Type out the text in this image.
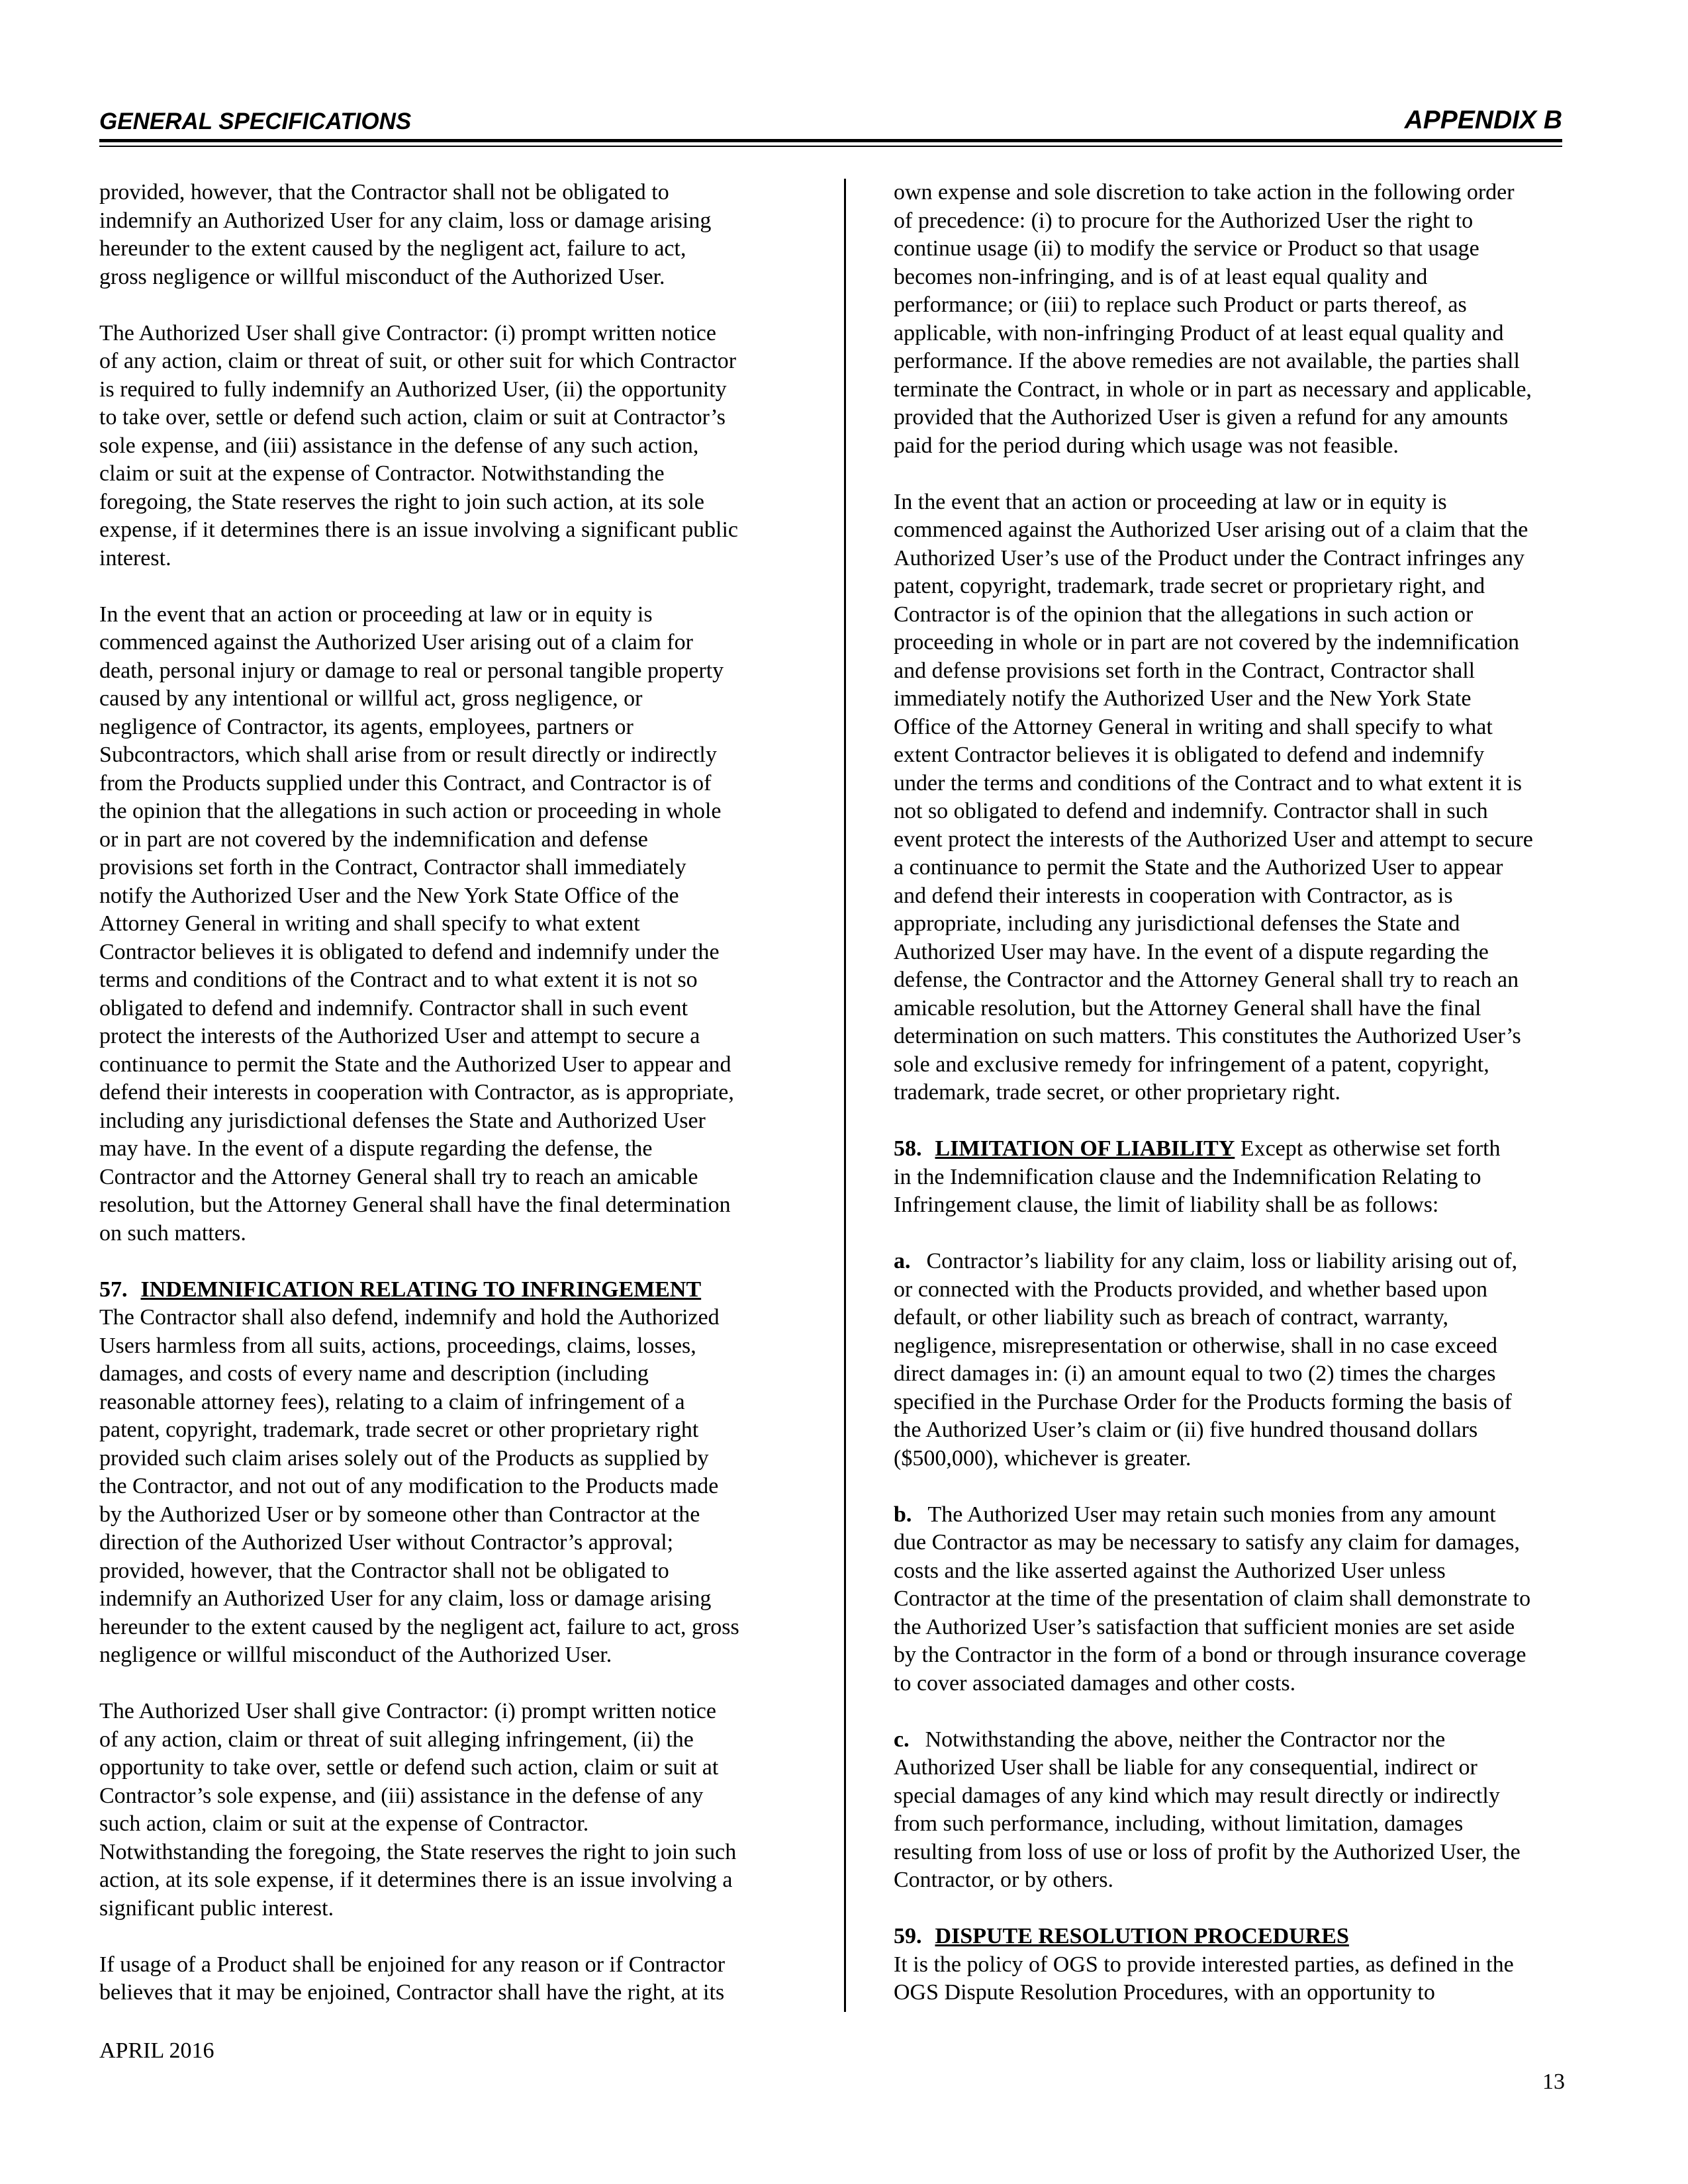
GENERAL SPECIFICATIONS	APPENDIX B

provided, however, that the Contractor shall not be obligated to
indemnify an Authorized User for any claim, loss or damage arising
hereunder to the extent caused by the negligent act, failure to act,
gross negligence or willful misconduct of the Authorized User.

The Authorized User shall give Contractor: (i) prompt written notice
of any action, claim or threat of suit, or other suit for which Contractor
is required to fully indemnify an Authorized User, (ii) the opportunity
to take over, settle or defend such action, claim or suit at Contractor’s
sole expense, and (iii) assistance in the defense of any such action,
claim or suit at the expense of Contractor. Notwithstanding the
foregoing, the State reserves the right to join such action, at its sole
expense, if it determines there is an issue involving a significant public
interest.

In the event that an action or proceeding at law or in equity is
commenced against the Authorized User arising out of a claim for
death, personal injury or damage to real or personal tangible property
caused by any intentional or willful act, gross negligence, or
negligence of Contractor, its agents, employees, partners or
Subcontractors, which shall arise from or result directly or indirectly
from the Products supplied under this Contract, and Contractor is of
the opinion that the allegations in such action or proceeding in whole
or in part are not covered by the indemnification and defense
provisions set forth in the Contract, Contractor shall immediately
notify the Authorized User and the New York State Office of the
Attorney General in writing and shall specify to what extent
Contractor believes it is obligated to defend and indemnify under the
terms and conditions of the Contract and to what extent it is not so
obligated to defend and indemnify. Contractor shall in such event
protect the interests of the Authorized User and attempt to secure a
continuance to permit the State and the Authorized User to appear and
defend their interests in cooperation with Contractor, as is appropriate,
including any jurisdictional defenses the State and Authorized User
may have. In the event of a dispute regarding the defense, the
Contractor and the Attorney General shall try to reach an amicable
resolution, but the Attorney General shall have the final determination
on such matters.

57. INDEMNIFICATION RELATING TO INFRINGEMENT

The Contractor shall also defend, indemnify and hold the Authorized
Users harmless from all suits, actions, proceedings, claims, losses,
damages, and costs of every name and description (including
reasonable attorney fees), relating to a claim of infringement of a
patent, copyright, trademark, trade secret or other proprietary right
provided such claim arises solely out of the Products as supplied by
the Contractor, and not out of any modification to the Products made
by the Authorized User or by someone other than Contractor at the
direction of the Authorized User without Contractor’s approval;
provided, however, that the Contractor shall not be obligated to
indemnify an Authorized User for any claim, loss or damage arising
hereunder to the extent caused by the negligent act, failure to act, gross
negligence or willful misconduct of the Authorized User.

The Authorized User shall give Contractor: (i) prompt written notice
of any action, claim or threat of suit alleging infringement, (ii) the
opportunity to take over, settle or defend such action, claim or suit at
Contractor’s sole expense, and (iii) assistance in the defense of any
such action, claim or suit at the expense of Contractor.
Notwithstanding the foregoing, the State reserves the right to join such
action, at its sole expense, if it determines there is an issue involving a
significant public interest.

If usage of a Product shall be enjoined for any reason or if Contractor
believes that it may be enjoined, Contractor shall have the right, at its

own expense and sole discretion to take action in the following order
of precedence: (i) to procure for the Authorized User the right to
continue usage (ii) to modify the service or Product so that usage
becomes non-infringing, and is of at least equal quality and
performance; or (iii) to replace such Product or parts thereof, as
applicable, with non-infringing Product of at least equal quality and
performance. If the above remedies are not available, the parties shall
terminate the Contract, in whole or in part as necessary and applicable,
provided that the Authorized User is given a refund for any amounts
paid for the period during which usage was not feasible.

In the event that an action or proceeding at law or in equity is
commenced against the Authorized User arising out of a claim that the
Authorized User’s use of the Product under the Contract infringes any
patent, copyright, trademark, trade secret or proprietary right, and
Contractor is of the opinion that the allegations in such action or
proceeding in whole or in part are not covered by the indemnification
and defense provisions set forth in the Contract, Contractor shall
immediately notify the Authorized User and the New York State
Office of the Attorney General in writing and shall specify to what
extent Contractor believes it is obligated to defend and indemnify
under the terms and conditions of the Contract and to what extent it is
not so obligated to defend and indemnify. Contractor shall in such
event protect the interests of the Authorized User and attempt to secure
a continuance to permit the State and the Authorized User to appear
and defend their interests in cooperation with Contractor, as is
appropriate, including any jurisdictional defenses the State and
Authorized User may have. In the event of a dispute regarding the
defense, the Contractor and the Attorney General shall try to reach an
amicable resolution, but the Attorney General shall have the final
determination on such matters. This constitutes the Authorized User’s
sole and exclusive remedy for infringement of a patent, copyright,
trademark, trade secret, or other proprietary right.

58. LIMITATION OF LIABILITY Except as otherwise set forth
in the Indemnification clause and the Indemnification Relating to
Infringement clause, the limit of liability shall be as follows:

a. Contractor’s liability for any claim, loss or liability arising out of,
or connected with the Products provided, and whether based upon
default, or other liability such as breach of contract, warranty,
negligence, misrepresentation or otherwise, shall in no case exceed
direct damages in: (i) an amount equal to two (2) times the charges
specified in the Purchase Order for the Products forming the basis of
the Authorized User’s claim or (ii) five hundred thousand dollars
($500,000), whichever is greater.

b. The Authorized User may retain such monies from any amount
due Contractor as may be necessary to satisfy any claim for damages,
costs and the like asserted against the Authorized User unless
Contractor at the time of the presentation of claim shall demonstrate to
the Authorized User’s satisfaction that sufficient monies are set aside
by the Contractor in the form of a bond or through insurance coverage
to cover associated damages and other costs.

c. Notwithstanding the above, neither the Contractor nor the
Authorized User shall be liable for any consequential, indirect or
special damages of any kind which may result directly or indirectly
from such performance, including, without limitation, damages
resulting from loss of use or loss of profit by the Authorized User, the
Contractor, or by others.

59. DISPUTE RESOLUTION PROCEDURES

It is the policy of OGS to provide interested parties, as defined in the
OGS Dispute Resolution Procedures, with an opportunity to

APRIL 2016
13
